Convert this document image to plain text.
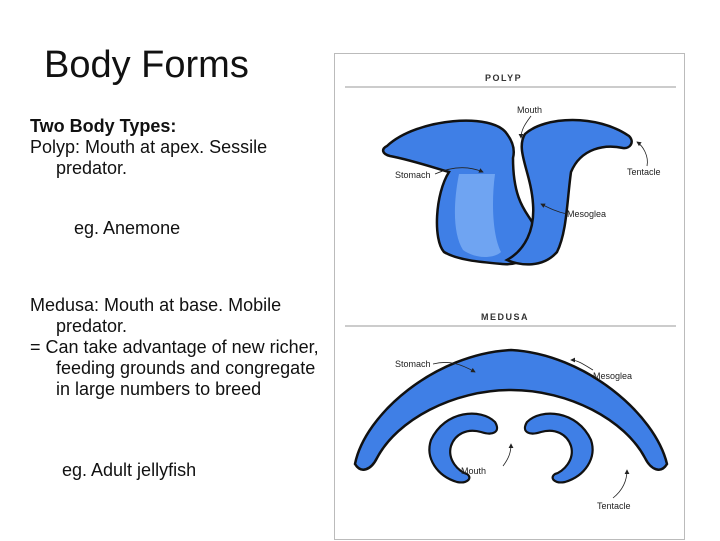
Body Forms

Two Body Types:

Polyp: Mouth at apex. Sessile predator.

eg. Anemone

Medusa: Mouth at base. Mobile predator.

= Can take advantage of new richer, feeding grounds and congregate in large numbers to breed

eg. Adult jellyfish

POLYP
Mouth
Stomach	Tentacle
Mesoglea
MEDUSA
Stomach
Mesoglea
Mouth
Tentacle
